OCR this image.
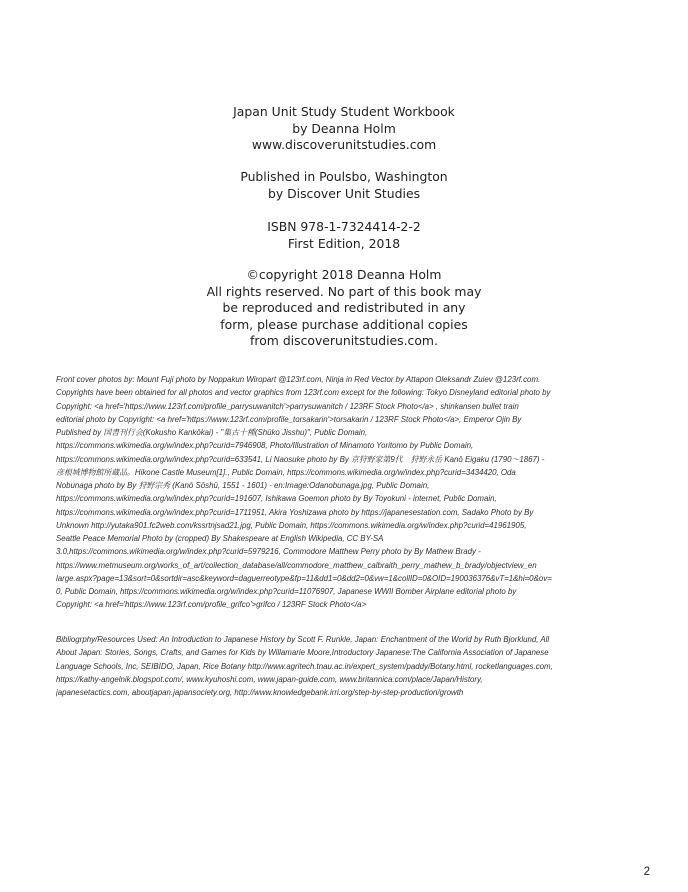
Japan Unit Study Student Workbook
by Deanna Holm
www.discoverunitstudies.com
Published in Poulsbo, Washington
by Discover Unit Studies
ISBN 978-1-7324414-2-2
First Edition, 2018
©copyright 2018 Deanna Holm
All rights reserved. No part of this book may
be reproduced and redistributed in any
form, please purchase additional copies
from discoverunitstudies.com.
Front cover photos by: Mount Fuji photo by Noppakun Wiropart @123rf.com, Ninja in Red Vector by Attapon Oleksandr Zuiev @123rf.com.
Copyrights have been obtained for all photos and vector graphics from 123rf.com except for the following: Tokyo Disneyland editorial photo by
Copyright: <a href='https://www.123rf.com/profile_parrysuwanitch'>parrysuwanitch / 123RF Stock Photo</a> , shinkansen bullet train
editorial photo by Copyright: <a href='https://www.123rf.com/profile_torsakarin'>torsakarin / 123RF Stock Photo</a>, Emperor Ojin By
Published by 国書刊行会(Kokusho Kankōkai) - "集古十種(Shūko Jisshu)", Public Domain,
https://commons.wikimedia.org/w/index.php?curid=7946908, Photo/Illustration of Minamoto Yoritomo by Public Domain,
https://commons.wikimedia.org/w/index.php?curid=633541, Li Naosuke photo by By 京狩野家第9代　狩野永岳 Kanō Eigaku (1790～1867) -
彦根城博物館所蔵品。Hikone Castle Museum[1]., Public Domain, https://commons.wikimedia.org/w/index.php?curid=3434420, Oda
Nobunaga photo by By 狩野宗秀 (Kanō Sōshū, 1551 - 1601) - en:Image:Odanobunaga.jpg, Public Domain,
https://commons.wikimedia.org/w/index.php?curid=191607, Ishikawa Goemon photo by By Toyokuni - internet, Public Domain,
https://commons.wikimedia.org/w/index.php?curid=1711951, Akira Yoshizawa photo by https://japanesestation.com, Sadako Photo by By
Unknown http://yutaka901.fc2web.com/kssrtnjsad21.jpg, Public Domain, https://commons.wikimedia.org/w/index.php?curid=41961905,
Seattle Peace Memorial Photo by (cropped) By Shakespeare at English Wikipedia, CC BY-SA
3.0,https://commons.wikimedia.org/w/index.php?curid=5979216, Commodore Matthew Perry photo by By Mathew Brady -
https://www.metmuseum.org/works_of_art/collection_database/all/commodore_matthew_calbraith_perry_mathew_b_brady/objectview_en
large.aspx?page=13&sort=0&sortdir=asc&keyword=daguerreotype&fp=11&dd1=0&dd2=0&vw=1&collID=0&OID=190036376&vT=1&hi=0&ov=
0, Public Domain, https://commons.wikimedia.org/w/index.php?curid=11076907, Japanese WWII Bomber Airplane editorial photo by
Copyright: <a href='https://www.123rf.com/profile_grifco'>grifco / 123RF Stock Photo</a>
Bibliogrphy/Resources Used: An Introduction to Japanese History by Scott F. Runkle, Japan: Enchantment of the World by Ruth Bjorklund, All
About Japan: Stories, Songs, Crafts, and Games for Kids by Willamarie Moore,Introductory Japanese:The California Association of Japanese
Language Schools, Inc, SEIBIDO, Japan, Rice Botany http://www.agritech.tnau.ac.in/expert_system/paddy/Botany.html, rocketlanguages.com,
https://kathy-angelnik.blogspot.com/, www.kyuhoshi.com, www.japan-guide.com, www.britannica.com/place/Japan/History,
japanesetactics.com, aboutjapan.japansociety.org, http://www.knowledgebank.irri.org/step-by-step-production/growth
2
